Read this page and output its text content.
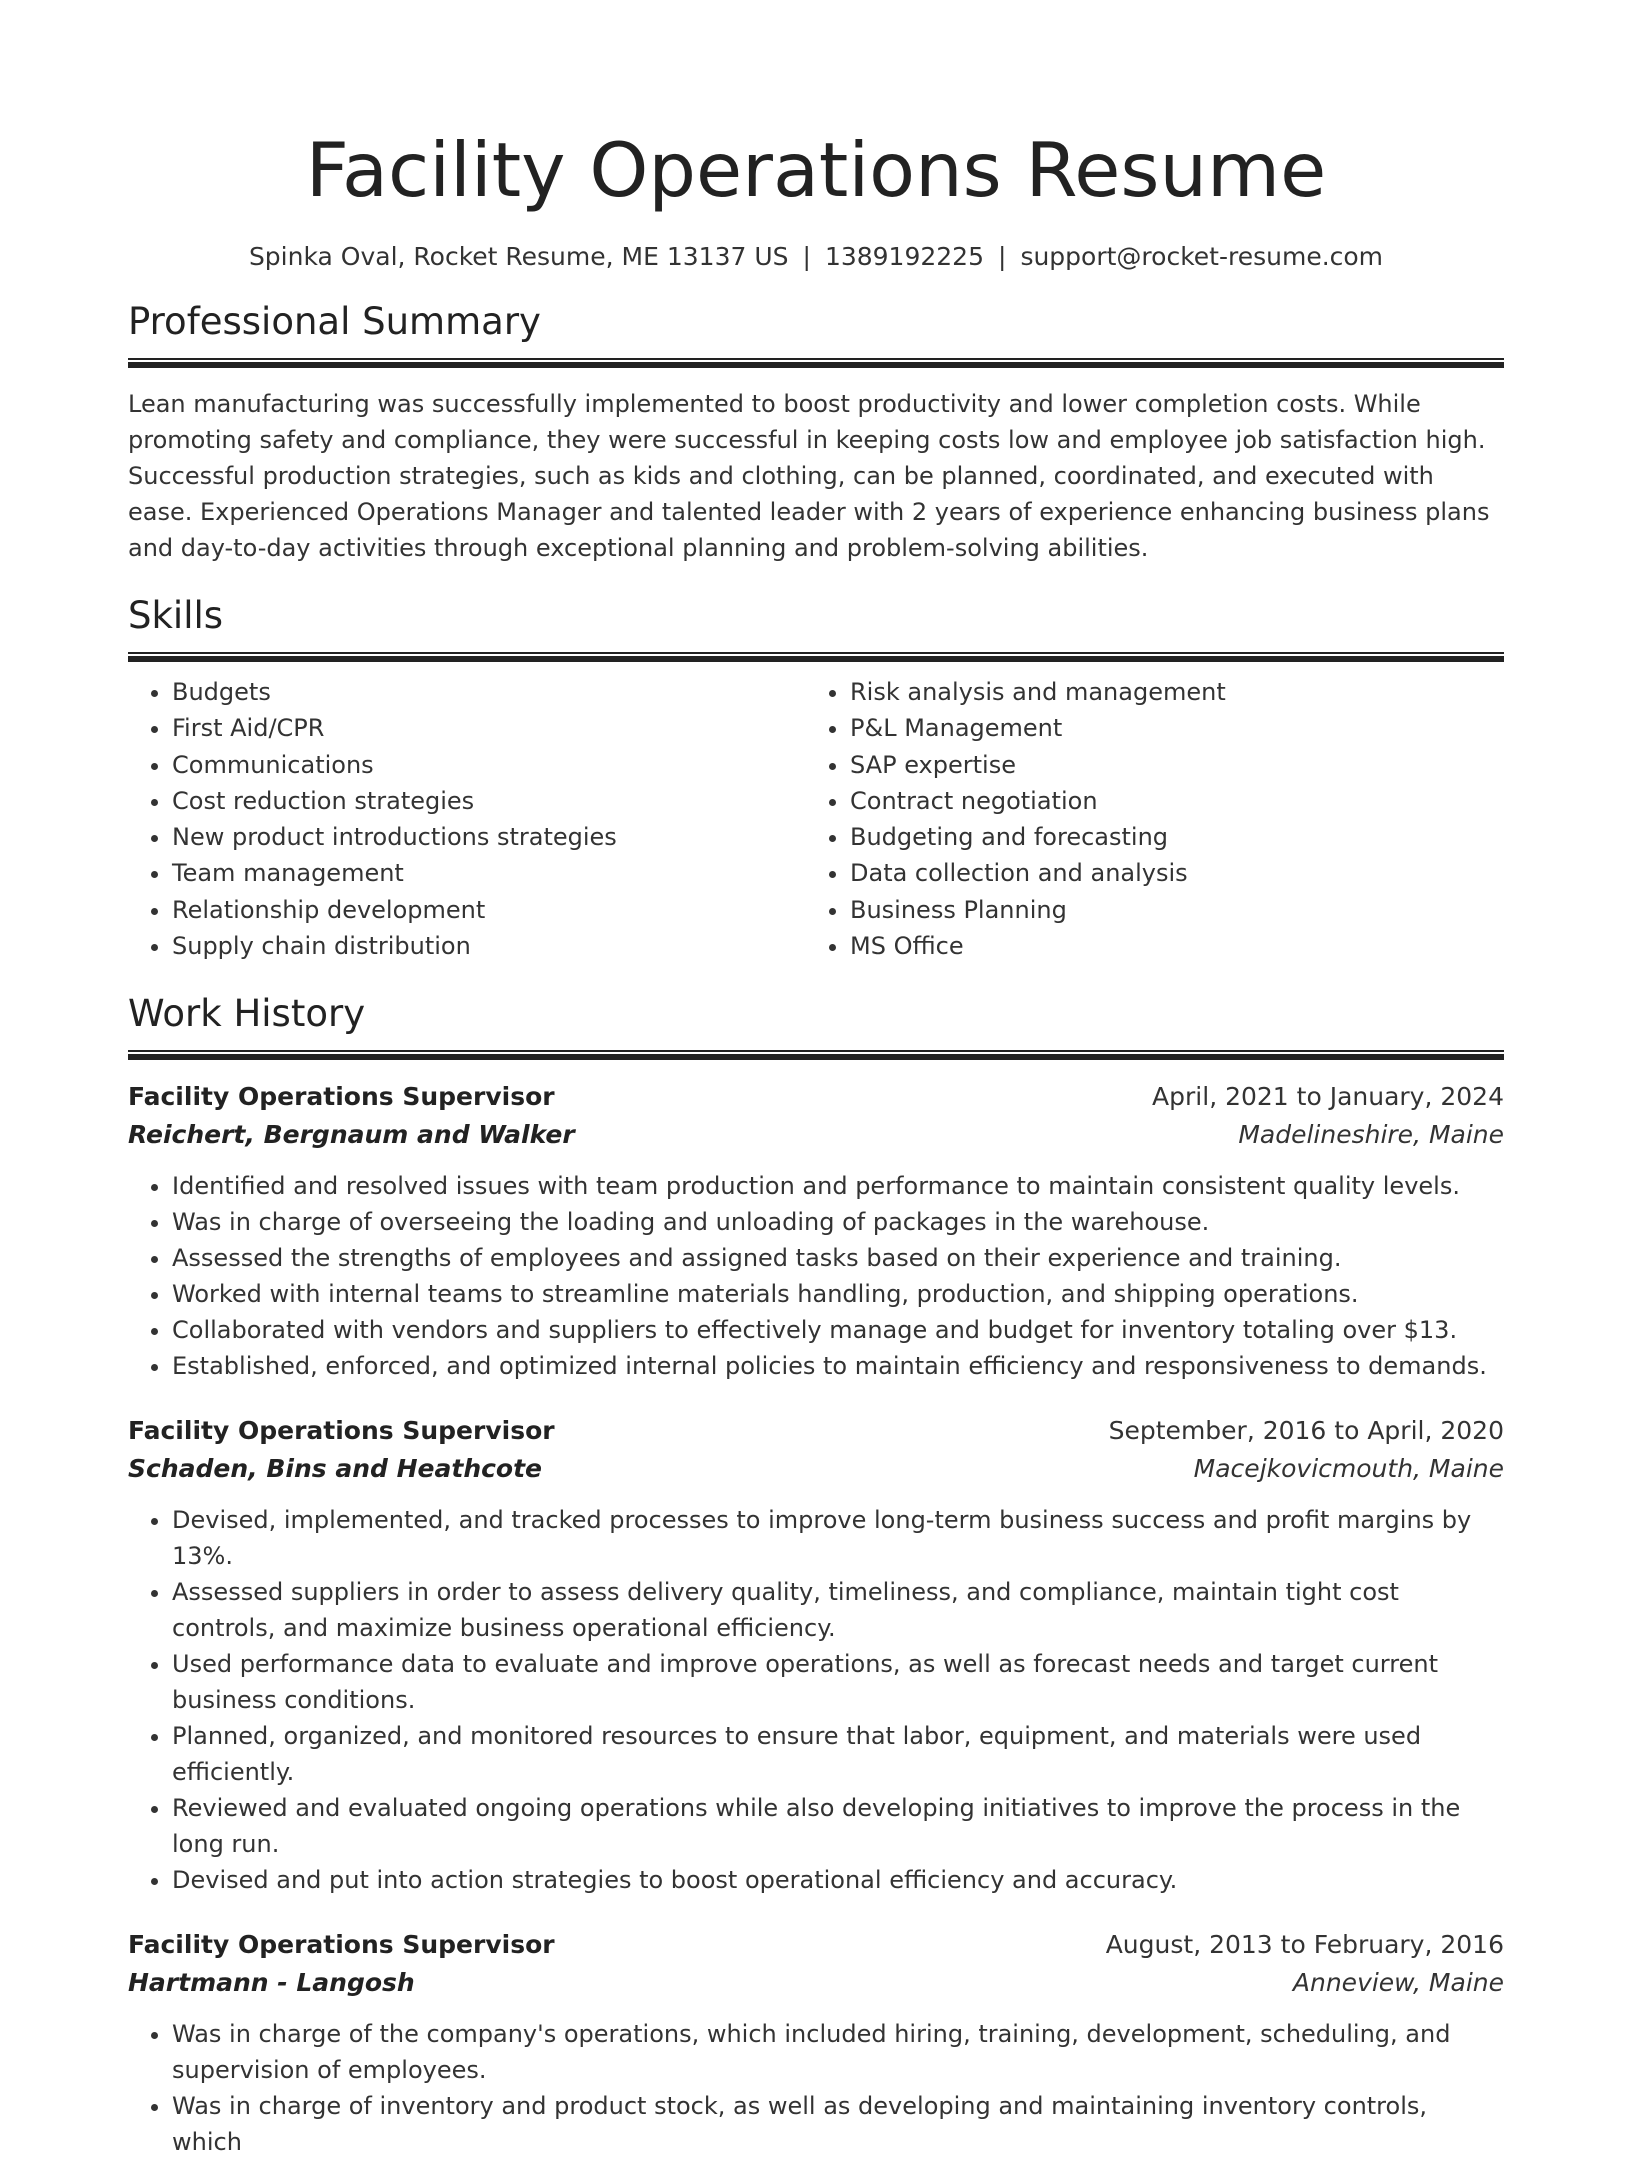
Facility Operations Resume
Spinka Oval, Rocket Resume, ME 13137 US | 1389192225 | support@rocket-resume.com
Professional Summary

Lean manufacturing was successfully implemented to boost productivity and lower completion costs. While promoting safety and compliance, they were successful in keeping costs low and employee job satisfaction high. Successful production strategies, such as kids and clothing, can be planned, coordinated, and executed with ease. Experienced Operations Manager and talented leader with 2 years of experience enhancing business plans and day-to-day activities through exceptional planning and problem-solving abilities.

Skills
• Budgets
• First Aid/CPR
• Communications
• Cost reduction strategies
• New product introductions strategies
• Team management
• Relationship development
• Supply chain distribution
• Risk analysis and management
• P&L Management
• SAP expertise
• Contract negotiation
• Budgeting and forecasting
• Data collection and analysis
• Business Planning
• MS Office
Work History
Facility Operations Supervisor	April, 2021 to January, 2024
Reichert, Bergnaum and Walker	Madelineshire, Maine
• Identified and resolved issues with team production and performance to maintain consistent quality levels.
• Was in charge of overseeing the loading and unloading of packages in the warehouse.
• Assessed the strengths of employees and assigned tasks based on their experience and training.
• Worked with internal teams to streamline materials handling, production, and shipping operations.
• Collaborated with vendors and suppliers to effectively manage and budget for inventory totaling over $13.
• Established, enforced, and optimized internal policies to maintain efficiency and responsiveness to demands.
Facility Operations Supervisor	September, 2016 to April, 2020
Schaden, Bins and Heathcote	Macejkovicmouth, Maine
• Devised, implemented, and tracked processes to improve long-term business success and profit margins by 13%.
• Assessed suppliers in order to assess delivery quality, timeliness, and compliance, maintain tight cost controls, and maximize business operational efficiency.
• Used performance data to evaluate and improve operations, as well as forecast needs and target current business conditions.
• Planned, organized, and monitored resources to ensure that labor, equipment, and materials were used efficiently.
• Reviewed and evaluated ongoing operations while also developing initiatives to improve the process in the long run.
• Devised and put into action strategies to boost operational efficiency and accuracy.
Facility Operations Supervisor	August, 2013 to February, 2016
Hartmann - Langosh	Anneview, Maine
• Was in charge of the company's operations, which included hiring, training, development, scheduling, and supervision of employees.
• Was in charge of inventory and product stock, as well as developing and maintaining inventory controls, which
